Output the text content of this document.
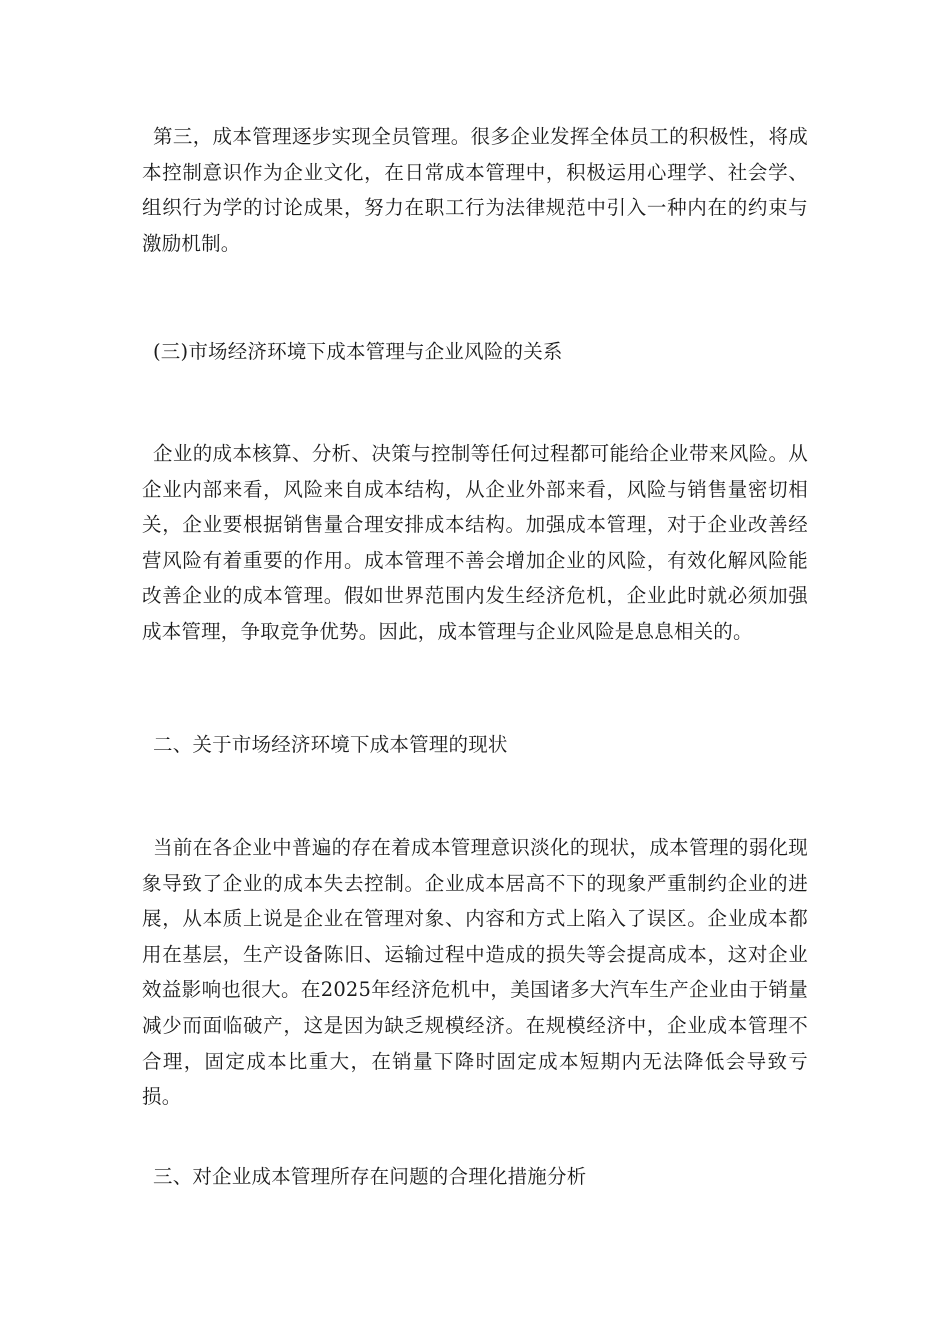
第三，成本管理逐步实现全员管理。很多企业发挥全体员工的积极性，将成本控制意识作为企业文化，在日常成本管理中，积极运用心理学、社会学、组织行为学的讨论成果，努力在职工行为法律规范中引入一种内在的约束与激励机制。

(三)市场经济环境下成本管理与企业风险的关系

企业的成本核算、分析、决策与控制等任何过程都可能给企业带来风险。从企业内部来看，风险来自成本结构，从企业外部来看，风险与销售量密切相关，企业要根据销售量合理安排成本结构。加强成本管理，对于企业改善经营风险有着重要的作用。成本管理不善会增加企业的风险，有效化解风险能改善企业的成本管理。假如世界范围内发生经济危机，企业此时就必须加强成本管理，争取竞争优势。因此，成本管理与企业风险是息息相关的。

二、关于市场经济环境下成本管理的现状

当前在各企业中普遍的存在着成本管理意识淡化的现状，成本管理的弱化现象导致了企业的成本失去控制。企业成本居高不下的现象严重制约企业的进展，从本质上说是企业在管理对象、内容和方式上陷入了误区。企业成本都用在基层，生产设备陈旧、运输过程中造成的损失等会提高成本，这对企业效益影响也很大。在2025年经济危机中，美国诸多大汽车生产企业由于销量减少而面临破产，这是因为缺乏规模经济。在规模经济中，企业成本管理不合理，固定成本比重大，在销量下降时固定成本短期内无法降低会导致亏损。

三、对企业成本管理所存在问题的合理化措施分析
